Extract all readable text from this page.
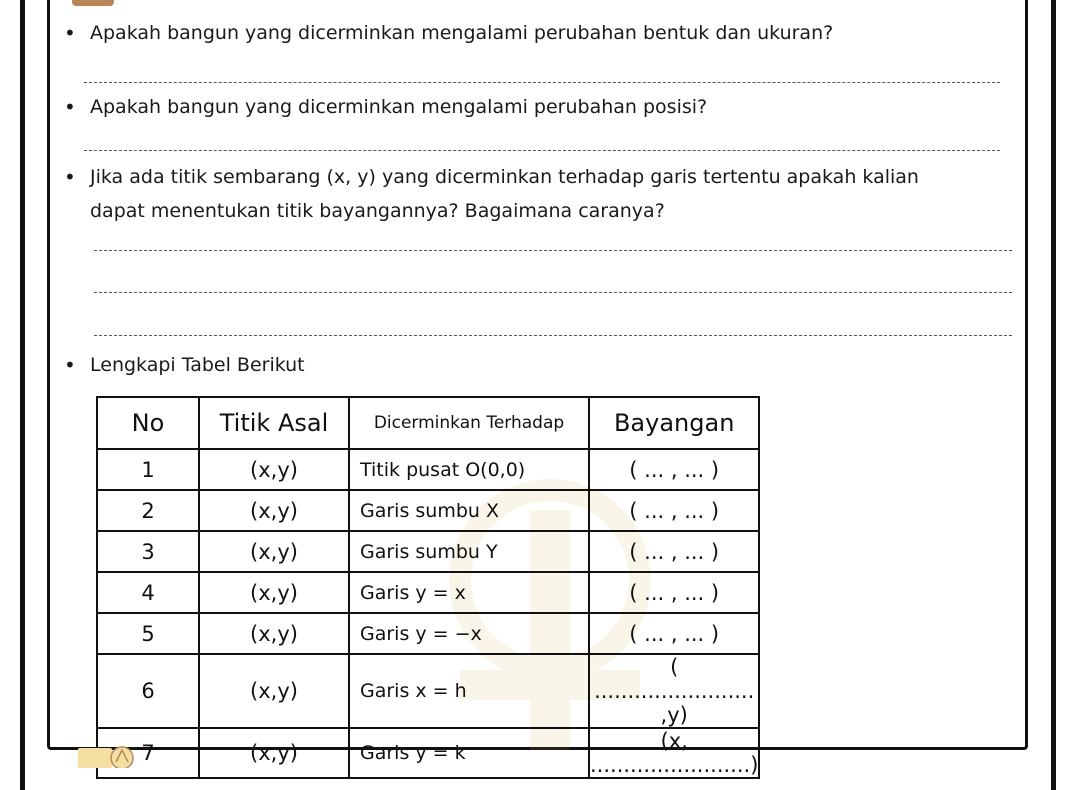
• Apakah bangun yang dicerminkan mengalami perubahan bentuk dan ukuran?
• Apakah bangun yang dicerminkan mengalami perubahan posisi?
• Jika ada titik sembarang (x, y) yang dicerminkan terhadap garis tertentu apakah kalian
dapat menentukan titik bayangannya? Bagaimana caranya?
• Lengkapi Tabel Berikut
No	Titik Asal	Dicerminkan Terhadap	Bayangan
1	(x,y)	Titik pusat O(0,0)	( ... , ... )
2	(x,y)	Garis sumbu X	( ... , ... )
3	(x,y)	Garis sumbu Y	( ... , ... )
4	(x,y)	Garis y = x	( ... , ... )
5	(x,y)	Garis y = −x	( ... , ... )
6	(x,y)	Garis x = h	( ........................ ,y)
7	(x,y)	Garis y = k	(x, ........................)
